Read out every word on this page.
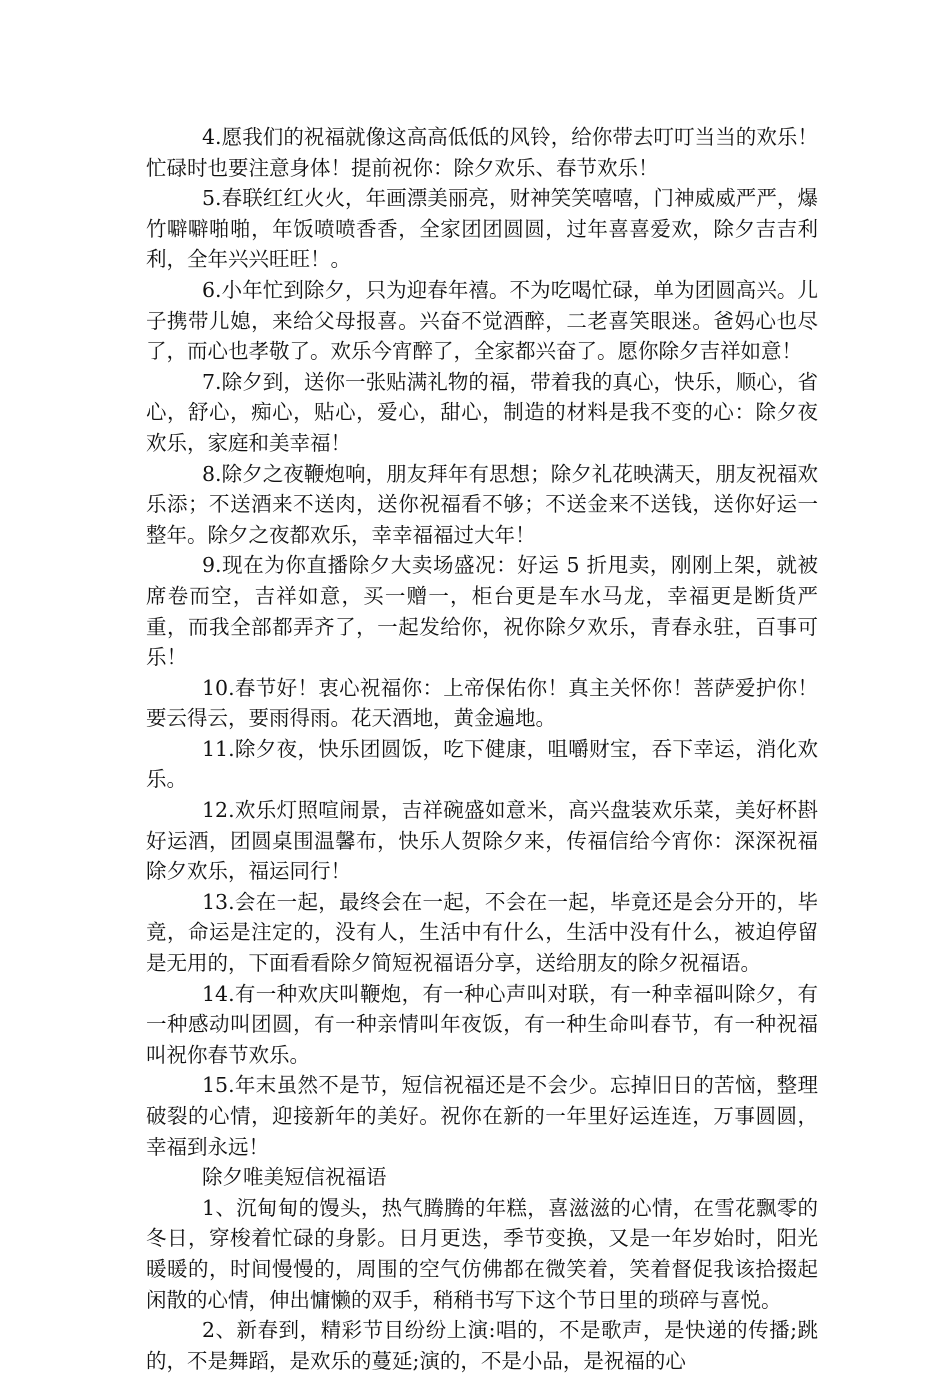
4.愿我们的祝福就像这高高低低的风铃，给你带去叮叮当当的欢乐！忙碌时也要注意身体！提前祝你：除夕欢乐、春节欢乐！

5.春联红红火火，年画漂美丽亮，财神笑笑嘻嘻，门神威威严严，爆竹噼噼啪啪，年饭喷喷香香，全家团团圆圆，过年喜喜爱欢，除夕吉吉利利，全年兴兴旺旺！。

6.小年忙到除夕，只为迎春年禧。不为吃喝忙碌，单为团圆高兴。儿子携带儿媳，来给父母报喜。兴奋不觉酒醉，二老喜笑眼迷。爸妈心也尽了，而心也孝敬了。欢乐今宵醉了，全家都兴奋了。愿你除夕吉祥如意！

7.除夕到，送你一张贴满礼物的福，带着我的真心，快乐，顺心，省心，舒心，痴心，贴心，爱心，甜心，制造的材料是我不变的心：除夕夜欢乐，家庭和美幸福！

8.除夕之夜鞭炮响，朋友拜年有思想；除夕礼花映满天，朋友祝福欢乐添；不送酒来不送肉，送你祝福看不够；不送金来不送钱，送你好运一整年。除夕之夜都欢乐，幸幸福福过大年！

9.现在为你直播除夕大卖场盛况：好运 5 折甩卖，刚刚上架，就被席卷而空，吉祥如意，买一赠一，柜台更是车水马龙，幸福更是断货严重，而我全部都弄齐了，一起发给你，祝你除夕欢乐，青春永驻，百事可乐！

10.春节好！衷心祝福你：上帝保佑你！真主关怀你！菩萨爱护你！要云得云，要雨得雨。花天酒地，黄金遍地。

11.除夕夜，快乐团圆饭，吃下健康，咀嚼财宝，吞下幸运，消化欢乐。

12.欢乐灯照喧闹景，吉祥碗盛如意米，高兴盘装欢乐菜，美好杯斟好运酒，团圆桌围温馨布，快乐人贺除夕来，传福信给今宵你：深深祝福除夕欢乐，福运同行！

13.会在一起，最终会在一起，不会在一起，毕竟还是会分开的，毕竟，命运是注定的，没有人，生活中有什么，生活中没有什么，被迫停留是无用的，下面看看除夕简短祝福语分享，送给朋友的除夕祝福语。

14.有一种欢庆叫鞭炮，有一种心声叫对联，有一种幸福叫除夕，有一种感动叫团圆，有一种亲情叫年夜饭，有一种生命叫春节，有一种祝福叫祝你春节欢乐。

15.年末虽然不是节，短信祝福还是不会少。忘掉旧日的苦恼，整理破裂的心情，迎接新年的美好。祝你在新的一年里好运连连，万事圆圆，幸福到永远！

除夕唯美短信祝福语

1、沉甸甸的馒头，热气腾腾的年糕，喜滋滋的心情，在雪花飘零的冬日，穿梭着忙碌的身影。日月更迭，季节变换，又是一年岁始时，阳光暖暖的，时间慢慢的，周围的空气仿佛都在微笑着，笑着督促我该拾掇起闲散的心情，伸出慵懒的双手，稍稍书写下这个节日里的琐碎与喜悦。

2、新春到，精彩节目纷纷上演:唱的，不是歌声，是快递的传播;跳的，不是舞蹈，是欢乐的蔓延;演的，不是小品，是祝福的心
